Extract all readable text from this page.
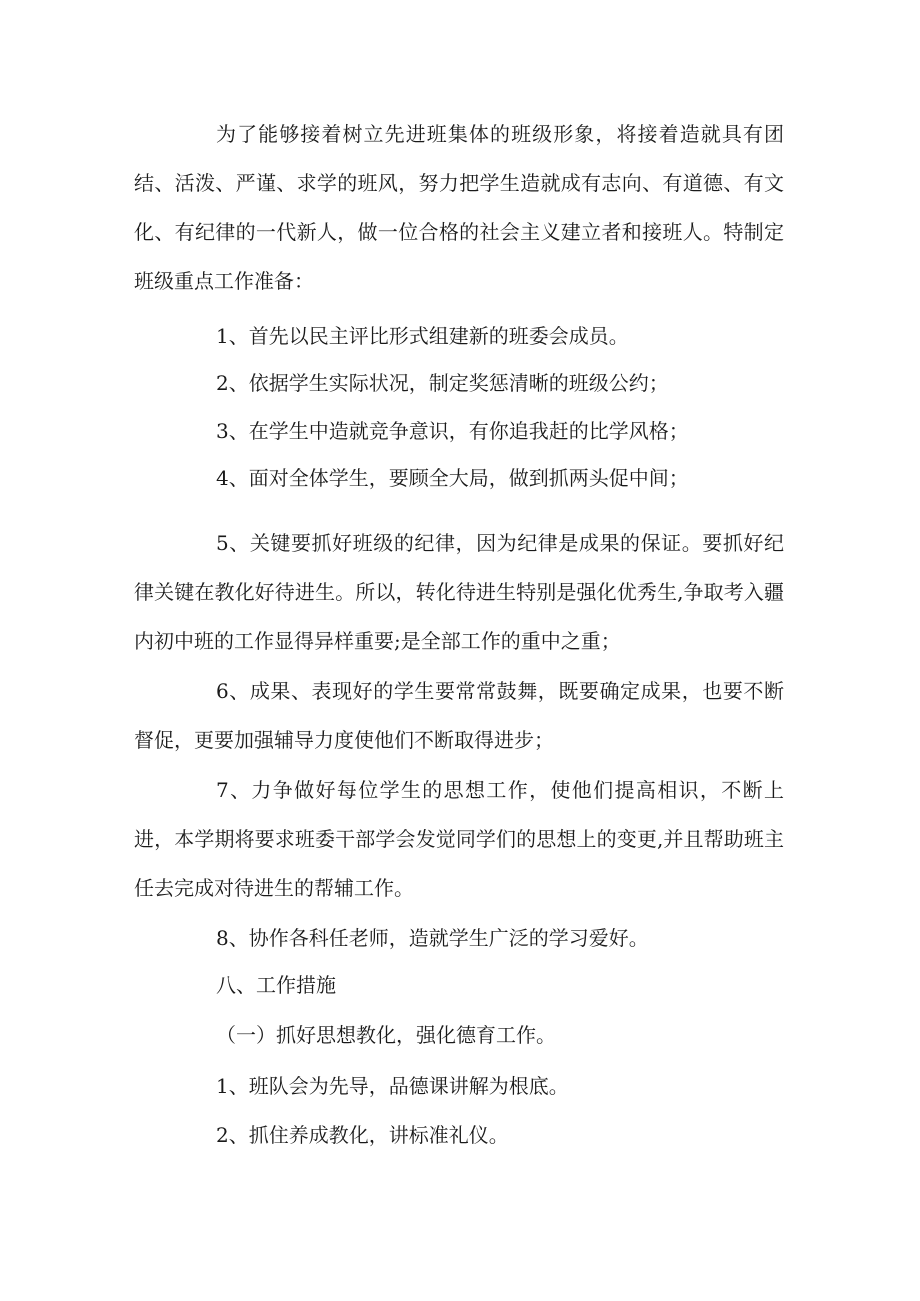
为了能够接着树立先进班集体的班级形象，将接着造就具有团结、活泼、严谨、求学的班风，努力把学生造就成有志向、有道德、有文化、有纪律的一代新人，做一位合格的社会主义建立者和接班人。特制定班级重点工作准备：
1、首先以民主评比形式组建新的班委会成员。
2、依据学生实际状况，制定奖惩清晰的班级公约；
3、在学生中造就竞争意识，有你追我赶的比学风格；
4、面对全体学生，要顾全大局，做到抓两头促中间；
5、关键要抓好班级的纪律，因为纪律是成果的保证。要抓好纪律关键在教化好待进生。所以，转化待进生特别是强化优秀生,争取考入疆内初中班的工作显得异样重要;是全部工作的重中之重；
6、成果、表现好的学生要常常鼓舞，既要确定成果，也要不断督促，更要加强辅导力度使他们不断取得进步；
7、力争做好每位学生的思想工作，使他们提高相识，不断上进，本学期将要求班委干部学会发觉同学们的思想上的变更,并且帮助班主任去完成对待进生的帮辅工作。
8、协作各科任老师，造就学生广泛的学习爱好。
八、工作措施
（一）抓好思想教化，强化德育工作。
1、班队会为先导，品德课讲解为根底。
2、抓住养成教化，讲标准礼仪。
